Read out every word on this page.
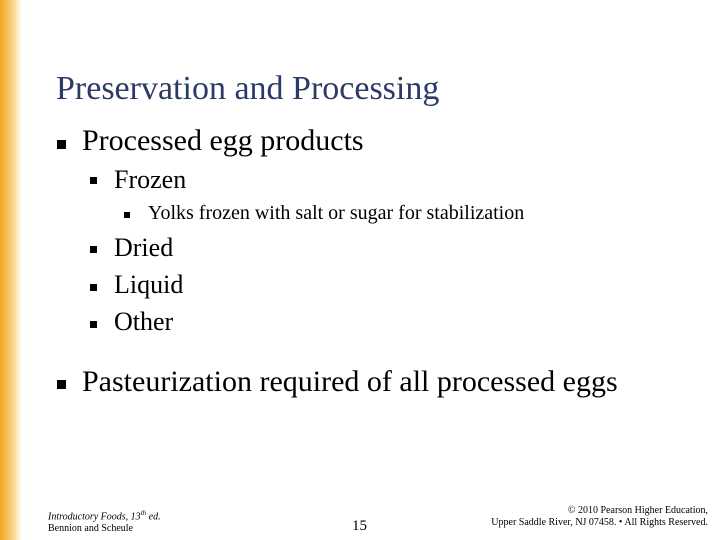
Preservation and Processing
Processed egg products
Frozen
Yolks frozen with salt or sugar for stabilization
Dried
Liquid
Other
Pasteurization required of all processed eggs
Introductory Foods, 13th ed.
Bennion and Scheule	15
© 2010 Pearson Higher Education,
Upper Saddle River, NJ 07458. • All Rights Reserved.
